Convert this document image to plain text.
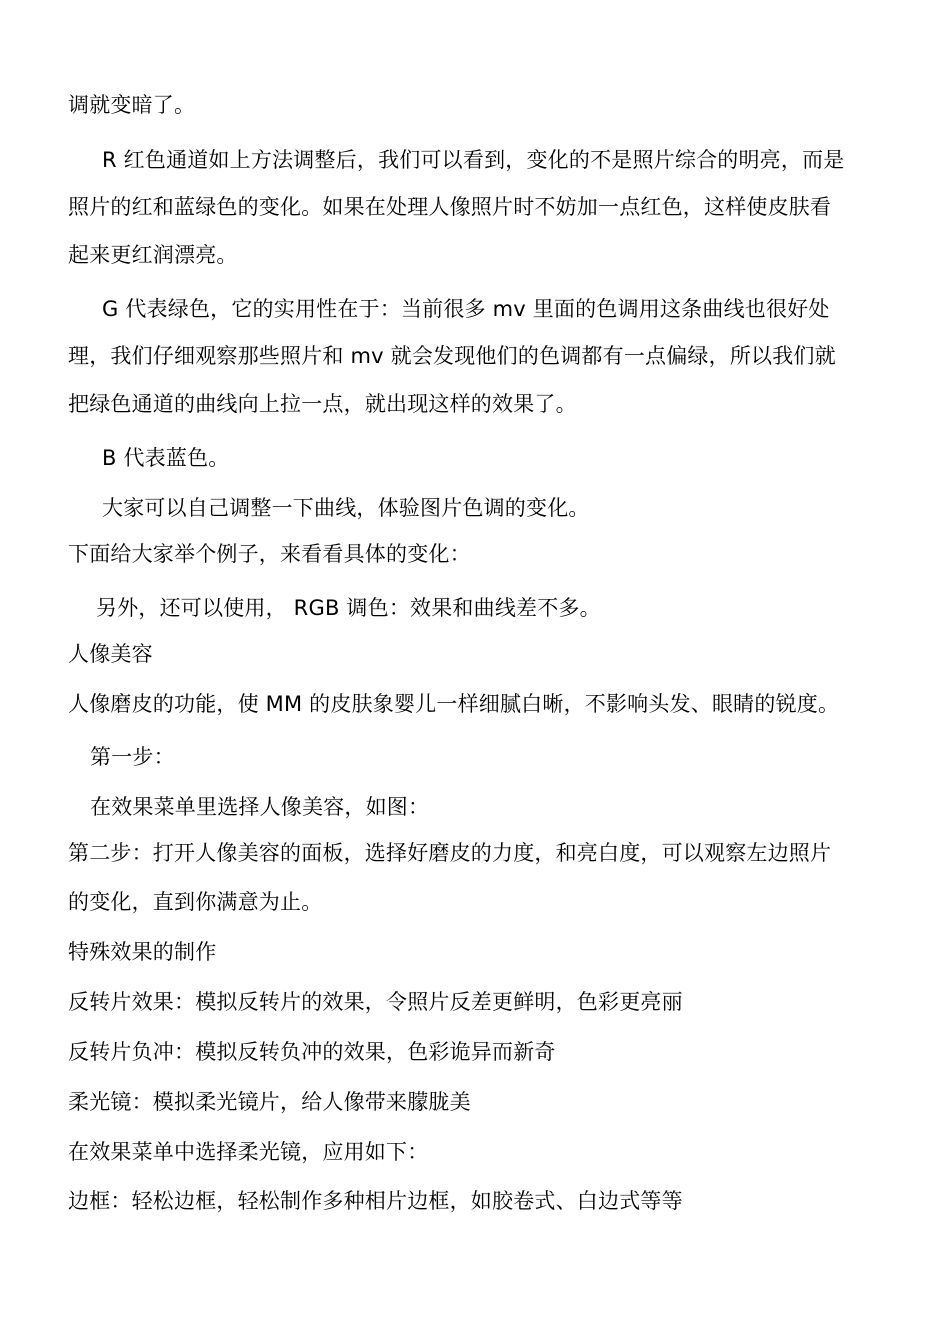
调就变暗了。
R 红色通道如上方法调整后，我们可以看到，变化的不是照片综合的明亮，而是
照片的红和蓝绿色的变化。如果在处理人像照片时不妨加一点红色，这样使皮肤看
起来更红润漂亮。
G 代表绿色，它的实用性在于：当前很多 mv 里面的色调用这条曲线也很好处
理，我们仔细观察那些照片和 mv 就会发现他们的色调都有一点偏绿，所以我们就
把绿色通道的曲线向上拉一点，就出现这样的效果了。
B 代表蓝色。
大家可以自己调整一下曲线，体验图片色调的变化。
下面给大家举个例子，来看看具体的变化：
另外，还可以使用， RGB 调色：效果和曲线差不多。
人像美容
人像磨皮的功能，使 MM 的皮肤象婴儿一样细腻白晰，不影响头发、眼睛的锐度。
第一步：
在效果菜单里选择人像美容，如图：
第二步：打开人像美容的面板，选择好磨皮的力度，和亮白度，可以观察左边照片
的变化，直到你满意为止。
特殊效果的制作
反转片效果：模拟反转片的效果，令照片反差更鲜明，色彩更亮丽
反转片负冲：模拟反转负冲的效果，色彩诡异而新奇
柔光镜：模拟柔光镜片，给人像带来朦胧美
在效果菜单中选择柔光镜，应用如下：
边框：轻松边框，轻松制作多种相片边框，如胶卷式、白边式等等
